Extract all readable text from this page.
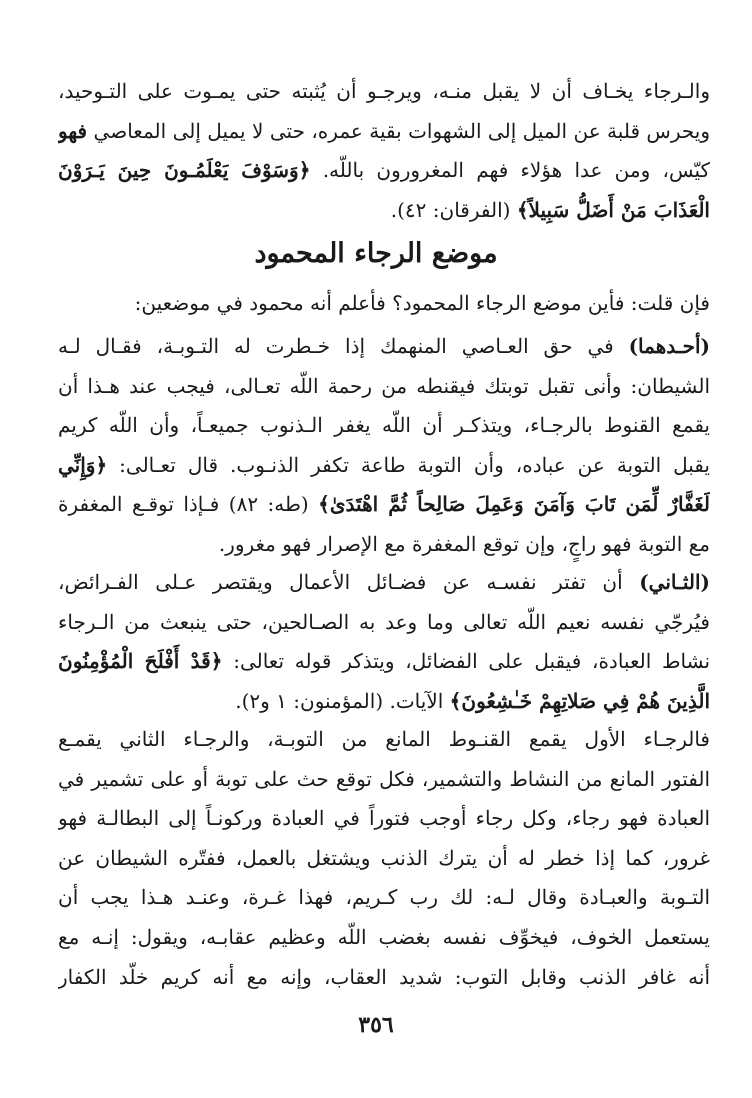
والـرجاء يخـاف أن لا يقبل منـه، ويرجـو أن يُثبته حتى يمـوت على التـوحيد،
ويحرس قلبة عن الميل إلى الشهوات بقية عمره، حتى لا يميل إلى المعاصي فهو
كيّس، ومن عدا هؤلاء فهم المغرورون باللّه. ﴿وَسَوْفَ يَعْلَمُـونَ حِينَ يَـرَوْنَ
الْعَذَابَ مَنْ أَضَلُّ سَبِيلاً﴾ (الفرقان: ٤٢).
موضع الرجاء المحمود
فإن قلت: فأين موضع الرجاء المحمود؟ فأعلم أنه محمود في موضعين:
(أحـدهما) في حق العـاصي المنهمك إذا خـطرت له التـوبـة، فقـال لـه
الشيطان: وأنى تقبل توبتك فيقنطه من رحمة اللّه تعـالى، فيجب عند هـذا أن
يقمع القنوط بالرجـاء، ويتذكـر أن اللّه يغفر الـذنوب جميعـاً، وأن اللّه كريم
يقبل التوبة عن عباده، وأن التوبة طاعة تكفر الذنـوب. قال تعـالى: ﴿وَإِنِّي
لَغَفَّارٌ لِّمَن تَابَ وَآمَنَ وَعَمِلَ صَالِحاً ثُمَّ اهْتَدَىٰ﴾ (طه: ٨٢) فـإذا توقـع المغفرة
مع التوبة فهو راجٍ، وإن توقع المغفرة مع الإصرار فهو مغرور.
(الثـاني) أن تفتر نفسـه عن فضـائل الأعمال ويقتصر عـلى الفـرائض،
فيُرجّي نفسه نعيم اللّه تعالى وما وعد به الصـالحين، حتى ينبعث من الـرجاء
نشاط العبادة، فيقبل على الفضائل، ويتذكر قوله تعالى: ﴿قَدْ أَفْلَحَ الْمُؤْمِنُونَ
الَّذِينَ هُمْ فِي صَلاتِهِمْ خَـٰشِعُونَ﴾ الآيات. (المؤمنون: ١ و٢).
فالرجـاء الأول يقمع القنـوط المانع من التوبـة، والرجـاء الثاني يقمـع
الفتور المانع من النشاط والتشمير، فكل توقع حث على توبة أو على تشمير في
العبادة فهو رجاء، وكل رجاء أوجب فتوراً في العبادة وركونـاً إلى البطالـة فهو
غرور، كما إذا خطر له أن يترك الذنب ويشتغل بالعمل، ففتّره الشيطان عن
التـوبة والعبـادة وقال لـه: لك رب كـريم، فهذا غـرة، وعنـد هـذا يجب أن
يستعمل الخوف، فيخوِّف نفسه بغضب اللّه وعظيم عقابـه، ويقول: إنـه مع
أنه غافر الذنب وقابل التوب: شديد العقاب، وإنه مع أنه كريم خلّد الكفار
٣٥٦
